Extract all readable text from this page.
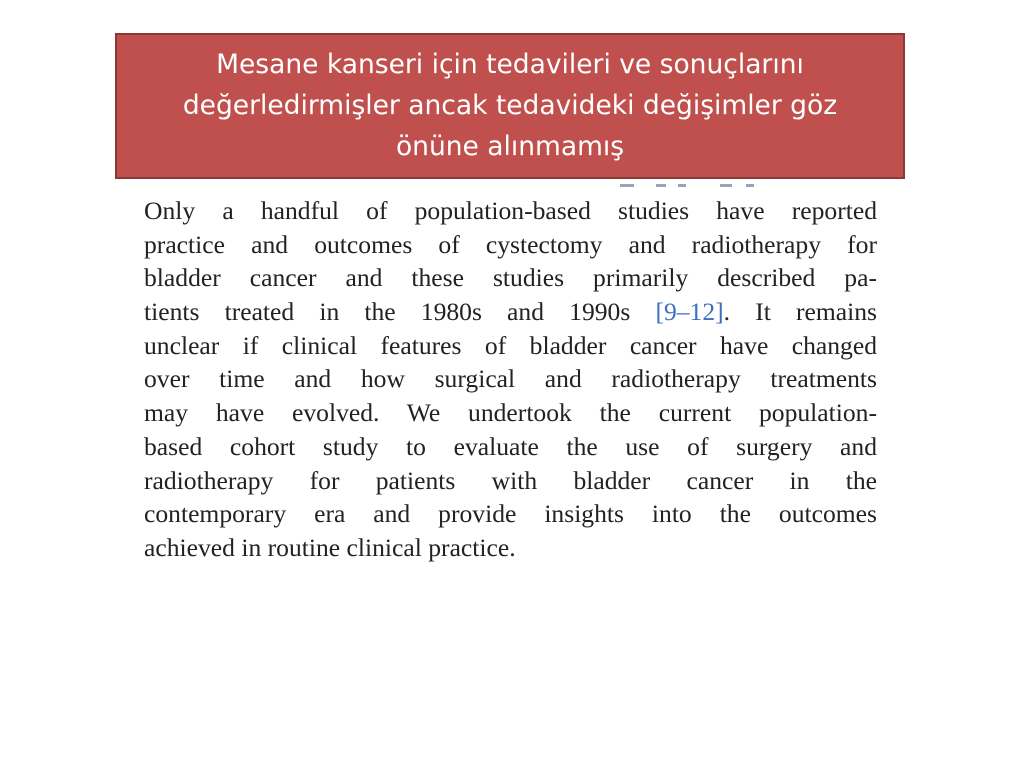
Mesane kanseri için tedavileri ve sonuçlarını
değerledirmişler ancak tedavideki değişimler göz
önüne alınmamış
Only a handful of population-based studies have reported
practice and outcomes of cystectomy and radiotherapy for
bladder cancer and these studies primarily described pa-
tients treated in the 1980s and 1990s [9‒12]. It remains
unclear if clinical features of bladder cancer have changed
over time and how surgical and radiotherapy treatments
may have evolved. We undertook the current population-
based cohort study to evaluate the use of surgery and
radiotherapy for patients with bladder cancer in the
contemporary era and provide insights into the outcomes
achieved in routine clinical practice.
